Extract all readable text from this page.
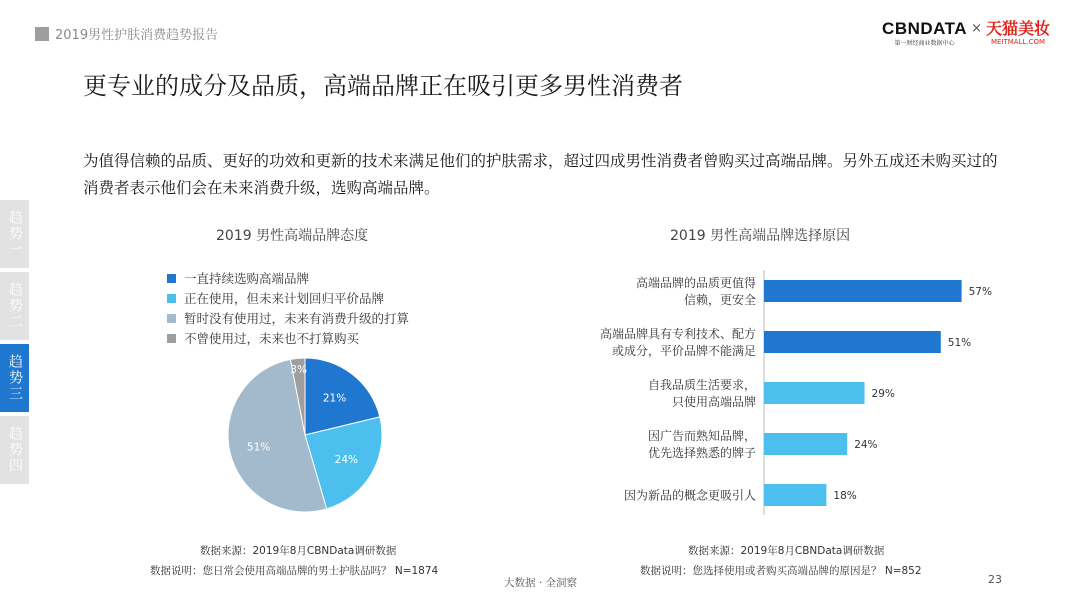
2019男性护肤消费趋势报告	CBNDATA
第一财经商业数据中心
× 天猫美妆
MEITMALL.COM
更专业的成分及品质，高端品牌正在吸引更多男性消费者
为值得信赖的品质、更好的功效和更新的技术来满足他们的护肤需求，超过四成男性消费者曾购买过高端品牌。另外五成还未购买过的消费者表示他们会在未来消费升级，选购高端品牌。
趋势一
趋势二
趋势三
趋势四
2019 男性高端品牌态度	2019 男性高端品牌选择原因
一直持续选购高端品牌
正在使用，但未来计划回归平价品牌
暂时没有使用过，未来有消费升级的打算
不曾使用过，未来也不打算购买
21%
24%
51%
3%
57%
高端品牌的品质更值得
信赖，更安全
51%
高端品牌具有专利技术、配方
或成分，平价品牌不能满足
29%
自我品质生活要求，
只使用高端品牌
24%
因广告而熟知品牌，
优先选择熟悉的牌子
18%
因为新品的概念更吸引人
数据来源：2019年8月CBNData调研数据
数据说明：您日常会使用高端品牌的男士护肤品吗？ N=1874
数据来源：2019年8月CBNData调研数据
数据说明：您选择使用或者购买高端品牌的原因是？ N=852
大数据 · 全洞察	23
